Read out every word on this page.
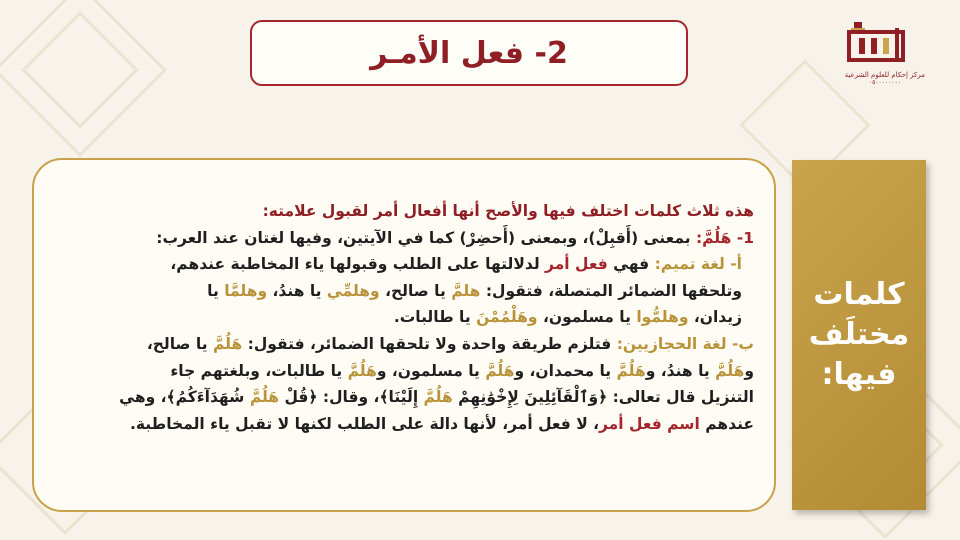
2- فعل الأمـر
مركز إحكام للعلوم الشرعية
٠٥٠٠٠٠٠٠٠٠
هذه ثلاث كلمات اختلف فيها والأصح أنها أفعال أمر لقبول علامته:
1- هَلُمَّ: بمعنى (أَقبِلْ)، وبمعنى (أَحضِرْ) كما في الآيتين، وفيها لغتان عند العرب:
أ- لغة تميم: فهي فعل أمر لدلالتها على الطلب وقبولها ياء المخاطبة عندهم،
وتلحقها الضمائر المتصلة، فتقول: هلمَّ يا صالح، وهلمِّي يا هندُ، وهلمَّا يا
زيدان، وهلمُّوا يا مسلمون، وهَلْمُمْنَ يا طالبات.
ب- لغة الحجازيين: فتلزم طريقة واحدة ولا تلحقها الضمائر، فتقول: هَلُمَّ يا صالح،
وهَلُمَّ يا هندُ، وهَلُمَّ يا محمدان، وهَلُمَّ يا مسلمون، وهَلُمَّ يا طالبات، وبلغتهم جاء
التنزيل قال تعالى: ﴿وَٱلْقَآئِلِينَ لِإِخْوَٰنِهِمْ هَلُمَّ إِلَيْنَا﴾، وقال: ﴿قُلْ هَلُمَّ شُهَدَآءَكُمُ﴾، وهي
عندهم اسم فعل أمر، لا فعل أمر، لأنها دالة على الطلب لكنها لا تقبل ياء المخاطبة.
كلمات
مختلَف
فيها:
